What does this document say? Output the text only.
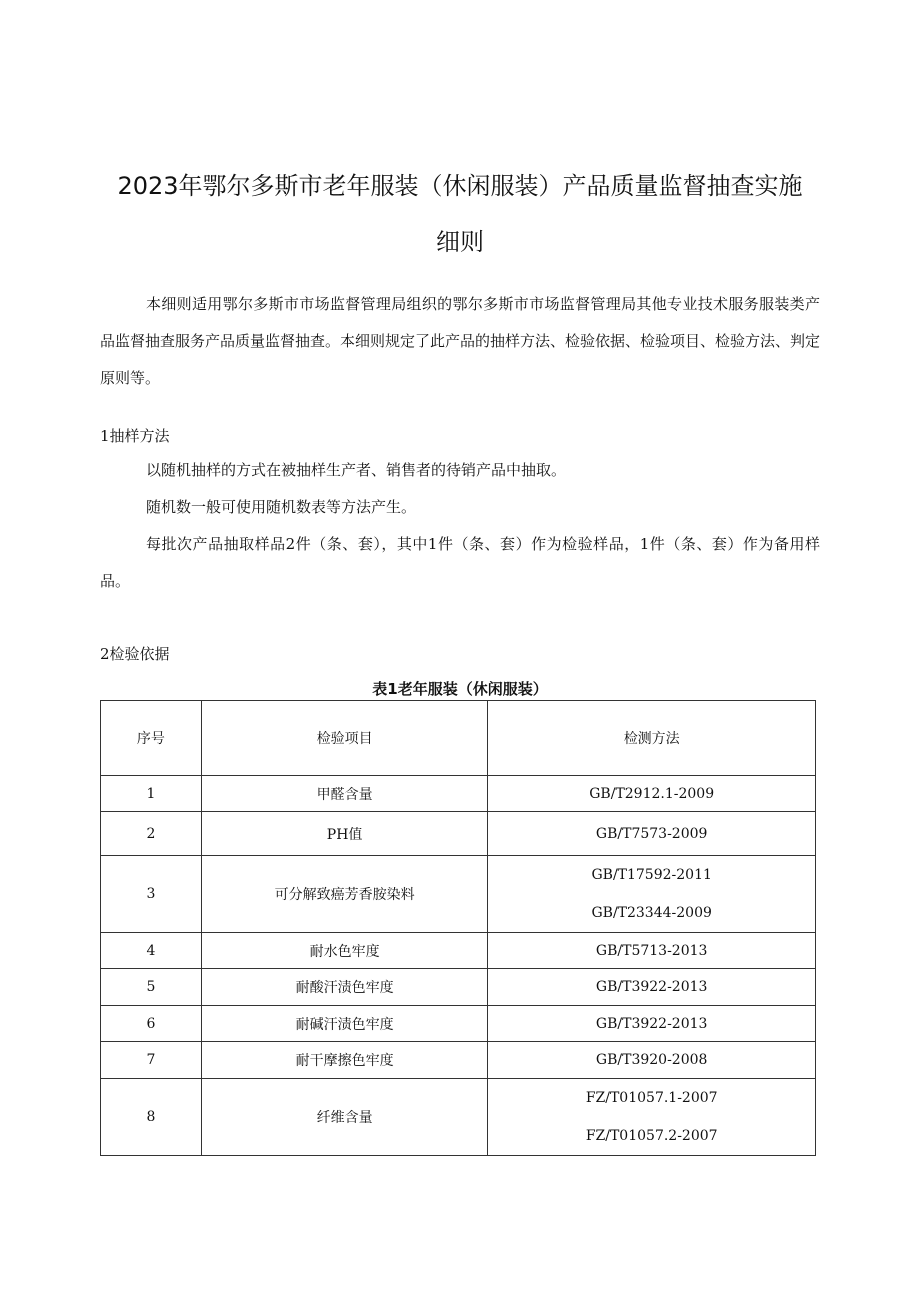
2023年鄂尔多斯市老年服装（休闲服装）产品质量监督抽查实施
细则

本细则适用鄂尔多斯市市场监督管理局组织的鄂尔多斯市市场监督管理局其他专业技术服务服装类产品监督抽查服务产品质量监督抽查。本细则规定了此产品的抽样方法、检验依据、检验项目、检验方法、判定原则等。

1抽样方法

以随机抽样的方式在被抽样生产者、销售者的待销产品中抽取。

随机数一般可使用随机数表等方法产生。

每批次产品抽取样品2件（条、套），其中1件（条、套）作为检验样品，1件（条、套）作为备用样品。

2检验依据

表1老年服装（休闲服装）
序号	检验项目	检测方法
1	甲醛含量	GB/T2912.1-2009

2	PH值	GB/T7573-2009

3	可分解致癌芳香胺染料	GB/T17592-2011
GB/T23344-2009

4	耐水色牢度	GB/T5713-2013

5	耐酸汗渍色牢度	GB/T3922-2013

6	耐碱汗渍色牢度	GB/T3922-2013

7	耐干摩擦色牢度	GB/T3920-2008

8	纤维含量	FZ/T01057.1-2007
FZ/T01057.2-2007
